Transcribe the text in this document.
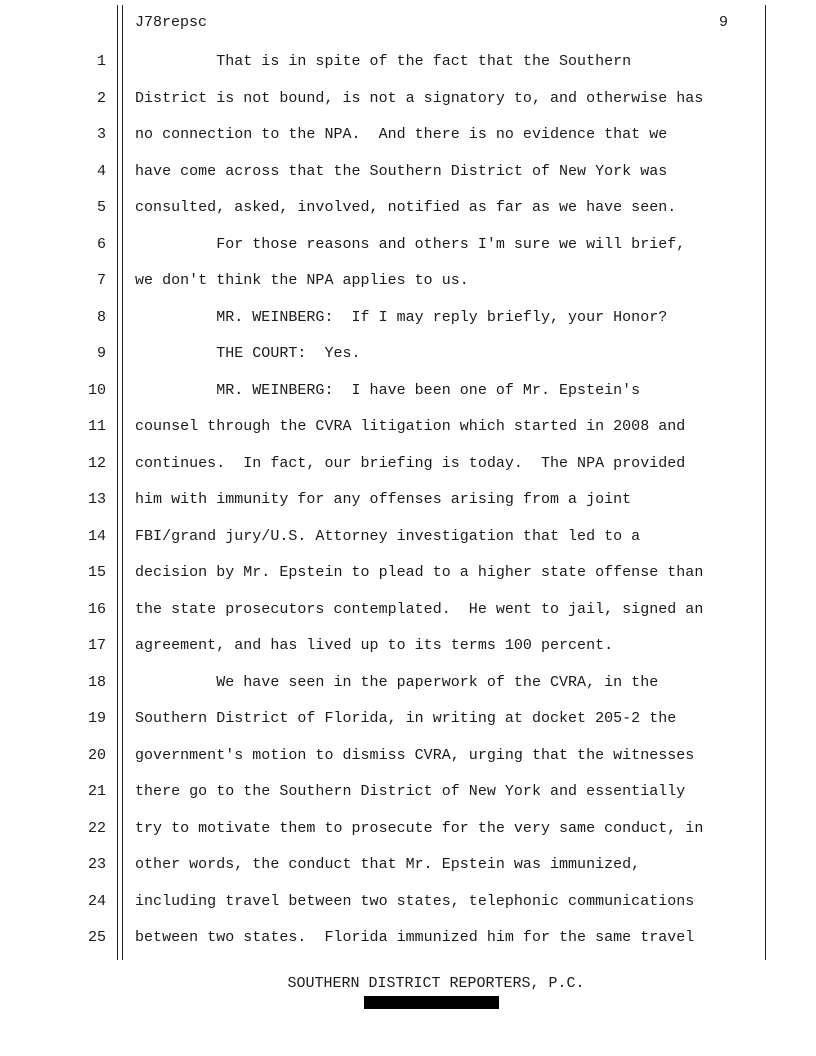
J78repsc	9
1 That is in spite of the fact that the Southern
2 District is not bound, is not a signatory to, and otherwise has
3 no connection to the NPA.  And there is no evidence that we
4 have come across that the Southern District of New York was
5 consulted, asked, involved, notified as far as we have seen.
6 For those reasons and others I'm sure we will brief,
7 we don't think the NPA applies to us.
8 MR. WEINBERG:  If I may reply briefly, your Honor?
9 THE COURT:  Yes.
10 MR. WEINBERG:  I have been one of Mr. Epstein's
11 counsel through the CVRA litigation which started in 2008 and
12 continues.  In fact, our briefing is today.  The NPA provided
13 him with immunity for any offenses arising from a joint
14 FBI/grand jury/U.S. Attorney investigation that led to a
15 decision by Mr. Epstein to plead to a higher state offense than
16 the state prosecutors contemplated.  He went to jail, signed an
17 agreement, and has lived up to its terms 100 percent.
18 We have seen in the paperwork of the CVRA, in the
19 Southern District of Florida, in writing at docket 205-2 the
20 government's motion to dismiss CVRA, urging that the witnesses
21 there go to the Southern District of New York and essentially
22 try to motivate them to prosecute for the very same conduct, in
23 other words, the conduct that Mr. Epstein was immunized,
24 including travel between two states, telephonic communications
25 between two states.  Florida immunized him for the same travel
SOUTHERN DISTRICT REPORTERS, P.C.
